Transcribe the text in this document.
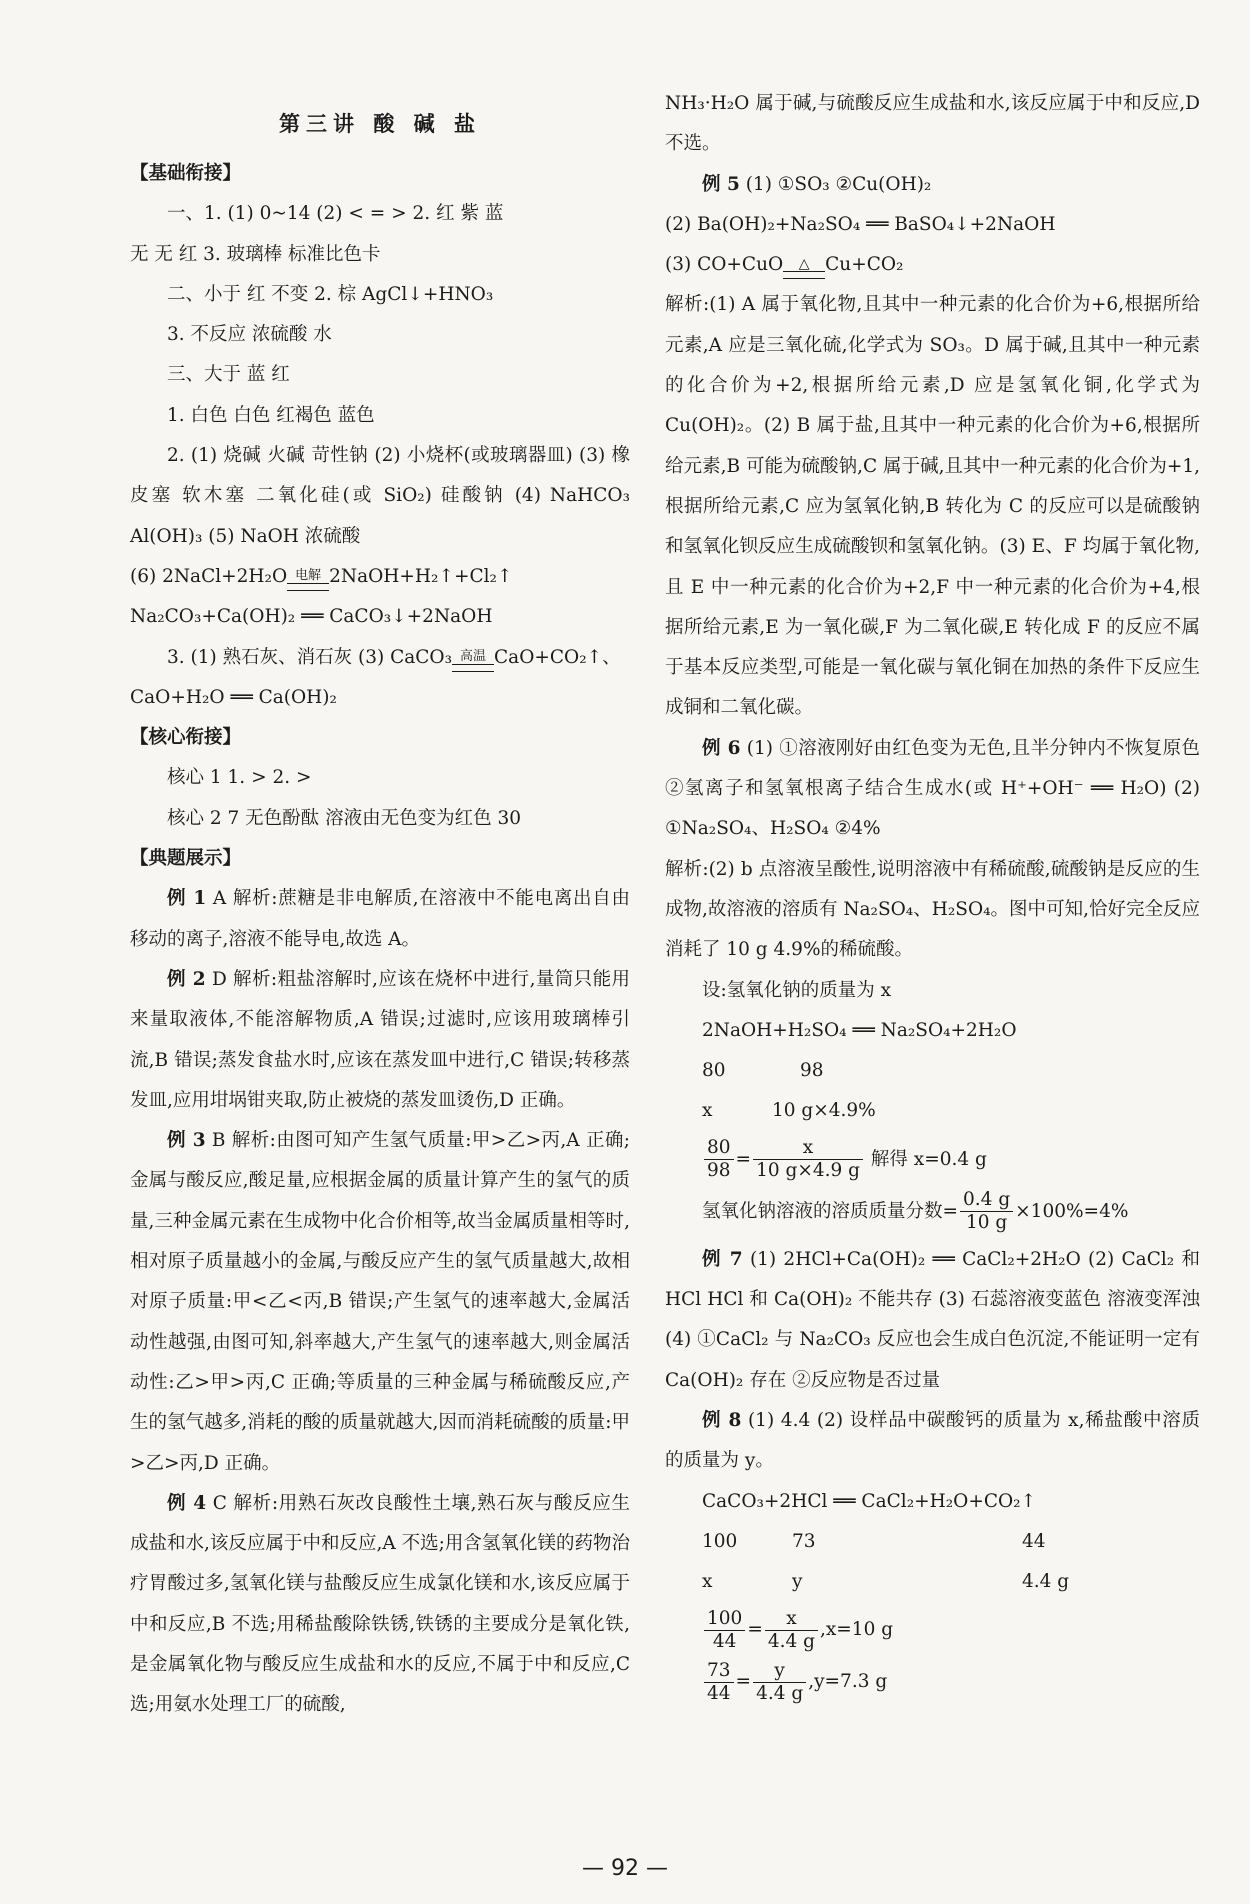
第三讲 酸 碱 盐
【基础衔接】
一、1. (1) 0~14 (2) < = > 2. 红 紫 蓝
无 无 红 3. 玻璃棒 标准比色卡
二、小于 红 不变 2. 棕 AgCl↓+HNO₃
3. 不反应 浓硫酸 水
三、大于 蓝 红
1. 白色 白色 红褐色 蓝色

2. (1) 烧碱 火碱 苛性钠 (2) 小烧杯(或玻璃器皿) (3) 橡皮塞 软木塞 二氧化硅(或 SiO₂) 硅酸钠 (4) NaHCO₃ Al(OH)₃ (5) NaOH 浓硫酸

(6) 2NaCl+2H₂O 电解 2NaOH+H₂↑+Cl₂↑
Na₂CO₃+Ca(OH)₂ ══ CaCO₃↓+2NaOH
3. (1) 熟石灰、消石灰 (3) CaCO₃ 高温 CaO+CO₂↑、
CaO+H₂O ══ Ca(OH)₂
【核心衔接】
核心 1 1. > 2. >
核心 2 7 无色酚酞 溶液由无色变为红色 30
【典题展示】

例 1 A 解析:蔗糖是非电解质,在溶液中不能电离出自由移动的离子,溶液不能导电,故选 A。

例 2 D 解析:粗盐溶解时,应该在烧杯中进行,量筒只能用来量取液体,不能溶解物质,A 错误;过滤时,应该用玻璃棒引流,B 错误;蒸发食盐水时,应该在蒸发皿中进行,C 错误;转移蒸发皿,应用坩埚钳夹取,防止被烧的蒸发皿烫伤,D 正确。

例 3 B 解析:由图可知产生氢气质量:甲>乙>丙,A 正确;金属与酸反应,酸足量,应根据金属的质量计算产生的氢气的质量,三种金属元素在生成物中化合价相等,故当金属质量相等时,相对原子质量越小的金属,与酸反应产生的氢气质量越大,故相对原子质量:甲<乙<丙,B 错误;产生氢气的速率越大,金属活动性越强,由图可知,斜率越大,产生氢气的速率越大,则金属活动性:乙>甲>丙,C 正确;等质量的三种金属与稀硫酸反应,产生的氢气越多,消耗的酸的质量就越大,因而消耗硫酸的质量:甲>乙>丙,D 正确。

例 4 C 解析:用熟石灰改良酸性土壤,熟石灰与酸反应生成盐和水,该反应属于中和反应,A 不选;用含氢氧化镁的药物治疗胃酸过多,氢氧化镁与盐酸反应生成氯化镁和水,该反应属于中和反应,B 不选;用稀盐酸除铁锈,铁锈的主要成分是氧化铁,是金属氧化物与酸反应生成盐和水的反应,不属于中和反应,C 选;用氨水处理工厂的硫酸,

NH₃·H₂O 属于碱,与硫酸反应生成盐和水,该反应属于中和反应,D 不选。

例 5 (1) ①SO₃ ②Cu(OH)₂
(2) Ba(OH)₂+Na₂SO₄ ══ BaSO₄↓+2NaOH
(3) CO+CuO	△ Cu+CO₂

解析:(1) A 属于氧化物,且其中一种元素的化合价为+6,根据所给元素,A 应是三氧化硫,化学式为 SO₃。D 属于碱,且其中一种元素的化合价为+2,根据所给元素,D 应是氢氧化铜,化学式为 Cu(OH)₂。(2) B 属于盐,且其中一种元素的化合价为+6,根据所给元素,B 可能为硫酸钠,C 属于碱,且其中一种元素的化合价为+1,根据所给元素,C 应为氢氧化钠,B 转化为 C 的反应可以是硫酸钠和氢氧化钡反应生成硫酸钡和氢氧化钠。(3) E、F 均属于氧化物,且 E 中一种元素的化合价为+2,F 中一种元素的化合价为+4,根据所给元素,E 为一氧化碳,F 为二氧化碳,E 转化成 F 的反应不属于基本反应类型,可能是一氧化碳与氧化铜在加热的条件下反应生成铜和二氧化碳。

例 6 (1) ①溶液刚好由红色变为无色,且半分钟内不恢复原色 ②氢离子和氢氧根离子结合生成水(或 H⁺+OH⁻ ══ H₂O) (2) ①Na₂SO₄、H₂SO₄ ②4%

解析:(2) b 点溶液呈酸性,说明溶液中有稀硫酸,硫酸钠是反应的生成物,故溶液的溶质有 Na₂SO₄、H₂SO₄。图中可知,恰好完全反应消耗了 10 g 4.9%的稀硫酸。

设:氢氧化钠的质量为 x
2NaOH+H₂SO₄ ══ Na₂SO₄+2H₂O
80	98
x	10 g×4.9%
$\frac{80}{98} = \frac{x}{10 g\times 4.9 g}$ 解得 x=0.4 g
氢氧化钠溶液的溶质质量分数= $\frac{0.4 g}{10 g} \times 100\%=4\%$

例 7 (1) 2HCl+Ca(OH)₂ ══ CaCl₂+2H₂O (2) CaCl₂ 和 HCl HCl 和 Ca(OH)₂ 不能共存 (3) 石蕊溶液变蓝色 溶液变浑浊 (4) ①CaCl₂ 与 Na₂CO₃ 反应也会生成白色沉淀,不能证明一定有 Ca(OH)₂ 存在 ②反应物是否过量

例 8 (1) 4.4 (2) 设样品中碳酸钙的质量为 x,稀盐酸中溶质的质量为 y。

CaCO₃+2HCl ══ CaCl₂+H₂O+CO₂↑
100	73	44
x	y	4.4 g
$\frac{100}{44} = \frac{x}{4.4 g} ,x=10$ g
$\frac{73}{44} = \frac{y}{4.4 g} ,y=7.3$ g
— 92 —
